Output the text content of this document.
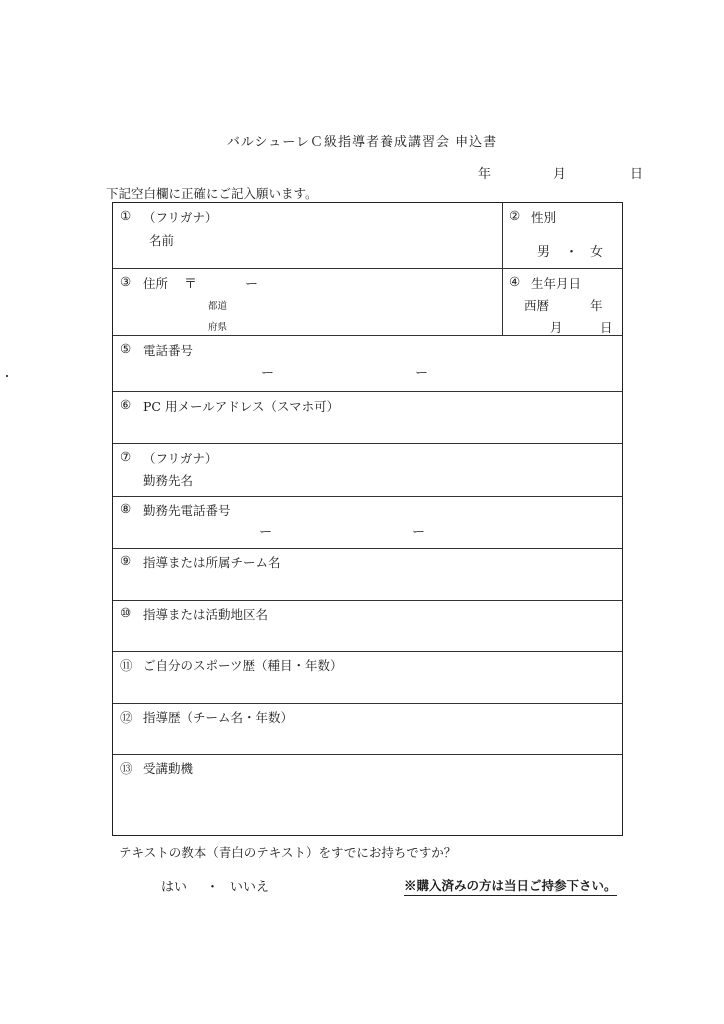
バルシューレＣ級指導者養成講習会 申込書
年	月	日
下記空白欄に正確にご記入願います。
① （フリガナ）
名前
② 性別
男 ・ 女
③ 住所 〒	ー
都道
府県
④ 生年月日
西暦	年
月	日
⑤ 電話番号
ー	ー
⑥ PC 用メールアドレス（スマホ可）
⑦ （フリガナ）
勤務先名
⑧ 勤務先電話番号
ー	ー
⑨ 指導または所属チーム名
⑩ 指導または活動地区名
⑪ ご自分のスポーツ歴（種目・年数）
⑫ 指導歴（チーム名・年数）
⑬ 受講動機
テキストの教本（青白のテキスト）をすでにお持ちですか？
はい ・ いいえ	※購入済みの方は当日ご持参下さい。
